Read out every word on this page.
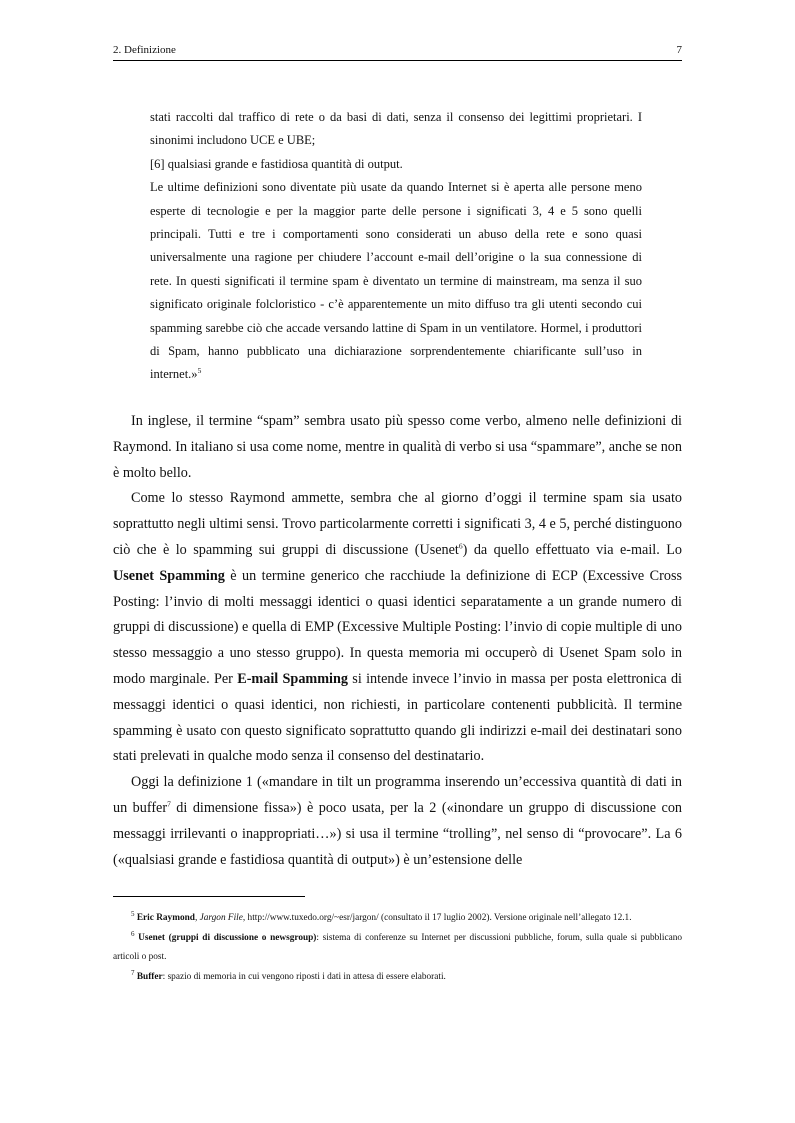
2. Definizione	7

stati raccolti dal traffico di rete o da basi di dati, senza il consenso dei legittimi proprietari. I sinonimi includono UCE e UBE;

[6] qualsiasi grande e fastidiosa quantità di output.

Le ultime definizioni sono diventate più usate da quando Internet si è aperta alle persone meno esperte di tecnologie e per la maggior parte delle persone i significati 3, 4 e 5 sono quelli principali. Tutti e tre i comportamenti sono considerati un abuso della rete e sono quasi universalmente una ragione per chiudere l’account e-mail dell’origine o la sua connessione di rete. In questi significati il termine spam è diventato un termine di mainstream, ma senza il suo significato originale folcloristico - c’è apparentemente un mito diffuso tra gli utenti secondo cui spamming sarebbe ciò che accade versando lattine di Spam in un ventilatore. Hormel, i produttori di Spam, hanno pubblicato una dichiarazione sorprendentemente chiarificante sull’uso in internet.»$^5$

In inglese, il termine “spam” sembra usato più spesso come verbo, almeno nelle definizioni di Raymond. In italiano si usa come nome, mentre in qualità di verbo si usa “spammare”, anche se non è molto bello.

Come lo stesso Raymond ammette, sembra che al giorno d’oggi il termine spam sia usato soprattutto negli ultimi sensi. Trovo particolarmente corretti i significati 3, 4 e 5, perché distinguono ciò che è lo spamming sui gruppi di discussione (Usenet$^6$) da quello effettuato via e-mail. Lo Usenet Spamming è un termine generico che racchiude la definizione di ECP (Excessive Cross Posting: l’invio di molti messaggi identici o quasi identici separatamente a un grande numero di gruppi di discussione) e quella di EMP (Excessive Multiple Posting: l’invio di copie multiple di uno stesso messaggio a uno stesso gruppo). In questa memoria mi occuperò di Usenet Spam solo in modo marginale. Per E-mail Spamming si intende invece l’invio in massa per posta elettronica di messaggi identici o quasi identici, non richiesti, in particolare contenenti pubblicità. Il termine spamming è usato con questo significato soprattutto quando gli indirizzi e-mail dei destinatari sono stati prelevati in qualche modo senza il consenso del destinatario.

Oggi la definizione 1 («mandare in tilt un programma inserendo un’eccessiva quantità di dati in un buffer$^7$ di dimensione fissa») è poco usata, per la 2 («inondare un gruppo di discussione con messaggi irrilevanti o inappropriati…») si usa il termine “trolling”, nel senso di “provocare”. La 6 («qualsiasi grande e fastidiosa quantità di output») è un’estensione delle

$^5$ Eric Raymond, Jargon File, http://www.tuxedo.org/~esr/jargon/ (consultato il 17 luglio 2002). Versione originale nell’allegato 12.1.

$^6$ Usenet (gruppi di discussione o newsgroup): sistema di conferenze su Internet per discussioni pubbliche, forum, sulla quale si pubblicano articoli o post.

$^7$ Buffer: spazio di memoria in cui vengono riposti i dati in attesa di essere elaborati.
